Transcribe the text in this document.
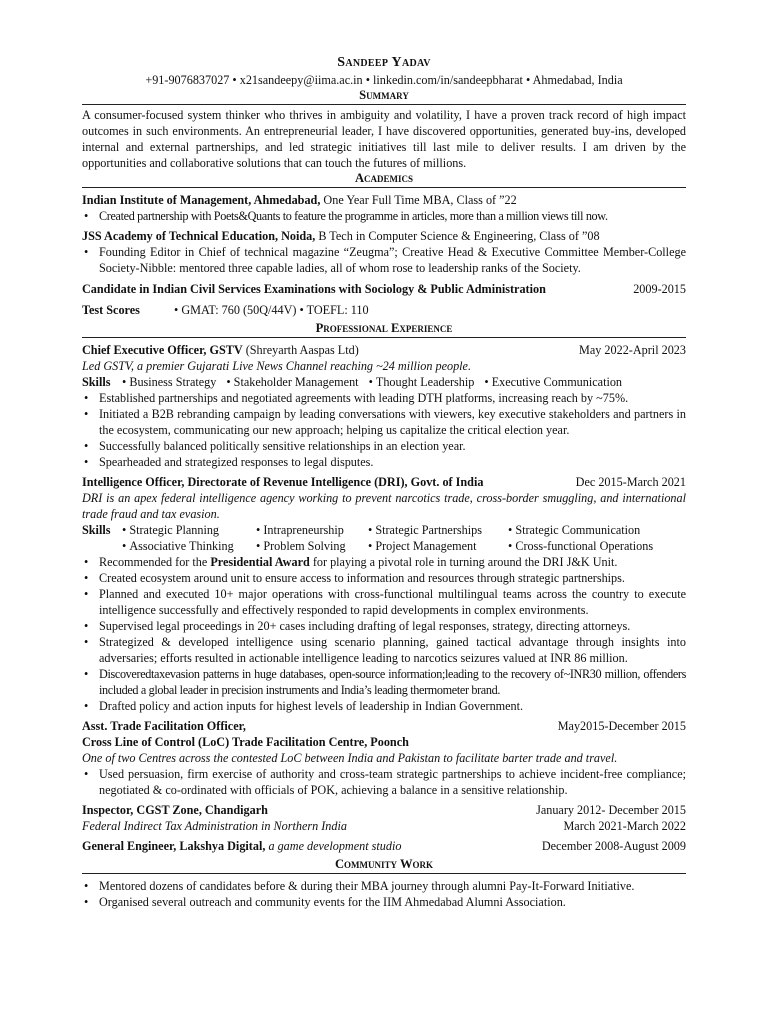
Sandeep Yadav
+91-9076837027 • x21sandeepy@iima.ac.in • linkedin.com/in/sandeepbharat • Ahmedabad, India
Summary

A consumer-focused system thinker who thrives in ambiguity and volatility, I have a proven track record of high impact outcomes in such environments. An entrepreneurial leader, I have discovered opportunities, generated buy-ins, developed internal and external partnerships, and led strategic initiatives till last mile to deliver results. I am driven by the opportunities and collaborative solutions that can touch the futures of millions.

Academics
Indian Institute of Management, Ahmedabad, One Year Full Time MBA, Class of ”22
• Created partnership with Poets&Quants to feature the programme in articles, more than a million views till now.
JSS Academy of Technical Education, Noida, B Tech in Computer Science & Engineering, Class of ”08
• Founding Editor in Chief of technical magazine “Zeugma”; Creative Head & Executive Committee Member-College Society-Nibble: mentored three capable ladies, all of whom rose to leadership ranks of the Society.
Candidate in Indian Civil Services Examinations with Sociology & Public Administration	2009-2015
Test Scores	• GMAT: 760 (50Q/44V) • TOEFL: 110
Professional Experience
Chief Executive Officer, GSTV (Shreyarth Aaspas Ltd)	May 2022-April 2023

Led GSTV, a premier Gujarati Live News Channel reaching ~24 million people.

Skills • Business Strategy • Stakeholder Management • Thought Leadership • Executive Communication
• Established partnerships and negotiated agreements with leading DTH platforms, increasing reach by ~75%.
• Initiated a B2B rebranding campaign by leading conversations with viewers, key executive stakeholders and partners in the ecosystem, communicating our new approach; helping us capitalize the critical election year.
• Successfully balanced politically sensitive relationships in an election year.
• Spearheaded and strategized responses to legal disputes.
Intelligence Officer, Directorate of Revenue Intelligence (DRI), Govt. of India	Dec 2015-March 2021

DRI is an apex federal intelligence agency working to prevent narcotics trade, cross-border smuggling, and international trade fraud and tax evasion.

Skills	• Strategic Planning	• Intrapreneurship	• Strategic Partnerships	• Strategic Communication
• Associative Thinking	• Problem Solving	• Project Management	• Cross-functional Operations
• Recommended for the Presidential Award for playing a pivotal role in turning around the DRI J&K Unit.
• Created ecosystem around unit to ensure access to information and resources through strategic partnerships.
• Planned and executed 10+ major operations with cross-functional multilingual teams across the country to execute intelligence successfully and effectively responded to rapid developments in complex environments.
• Supervised legal proceedings in 20+ cases including drafting of legal responses, strategy, directing attorneys.
• Strategized & developed intelligence using scenario planning, gained tactical advantage through insights into adversaries; efforts resulted in actionable intelligence leading to narcotics seizures valued at INR 86 million.
• Discoveredtaxevasion patterns in huge databases, open-source information;leading to the recovery of~INR30 million, offenders included a global leader in precision instruments and India’s leading thermometer brand.
• Drafted policy and action inputs for highest levels of leadership in Indian Government.
Asst. Trade Facilitation Officer,	May2015-December 2015

Cross Line of Control (LoC) Trade Facilitation Centre, Poonch

One of two Centres across the contested LoC between India and Pakistan to facilitate barter trade and travel.

• Used persuasion, firm exercise of authority and cross-team strategic partnerships to achieve incident-free compliance; negotiated & co-ordinated with officials of POK, achieving a balance in a sensitive relationship.
Inspector, CGST Zone, Chandigarh	January 2012- December 2015
Federal Indirect Tax Administration in Northern India	March 2021-March 2022
General Engineer, Lakshya Digital, a game development studio	December 2008-August 2009
Community Work
• Mentored dozens of candidates before & during their MBA journey through alumni Pay-It-Forward Initiative.
• Organised several outreach and community events for the IIM Ahmedabad Alumni Association.
